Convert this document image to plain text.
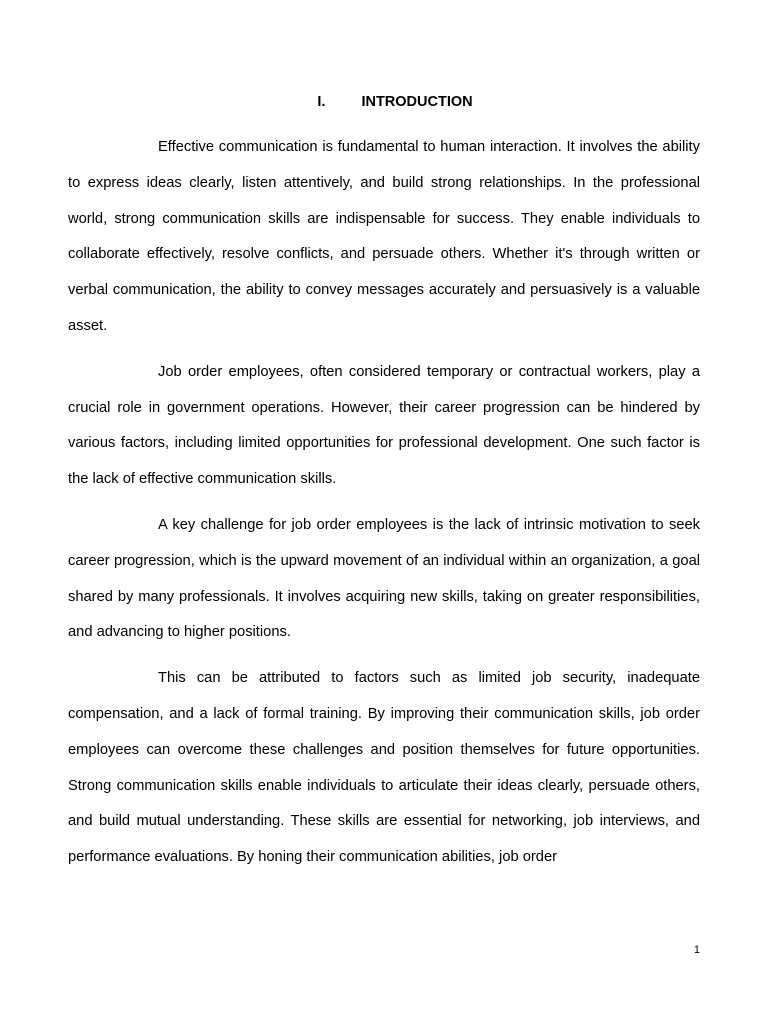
I. INTRODUCTION

Effective communication is fundamental to human interaction. It involves the ability to express ideas clearly, listen attentively, and build strong relationships. In the professional world, strong communication skills are indispensable for success. They enable individuals to collaborate effectively, resolve conflicts, and persuade others. Whether it's through written or verbal communication, the ability to convey messages accurately and persuasively is a valuable asset.

Job order employees, often considered temporary or contractual workers, play a crucial role in government operations. However, their career progression can be hindered by various factors, including limited opportunities for professional development. One such factor is the lack of effective communication skills.

A key challenge for job order employees is the lack of intrinsic motivation to seek career progression, which is the upward movement of an individual within an organization, a goal shared by many professionals. It involves acquiring new skills, taking on greater responsibilities, and advancing to higher positions.

This can be attributed to factors such as limited job security, inadequate compensation, and a lack of formal training. By improving their communication skills, job order employees can overcome these challenges and position themselves for future opportunities. Strong communication skills enable individuals to articulate their ideas clearly, persuade others, and build mutual understanding. These skills are essential for networking, job interviews, and performance evaluations. By honing their communication abilities, job order

1
